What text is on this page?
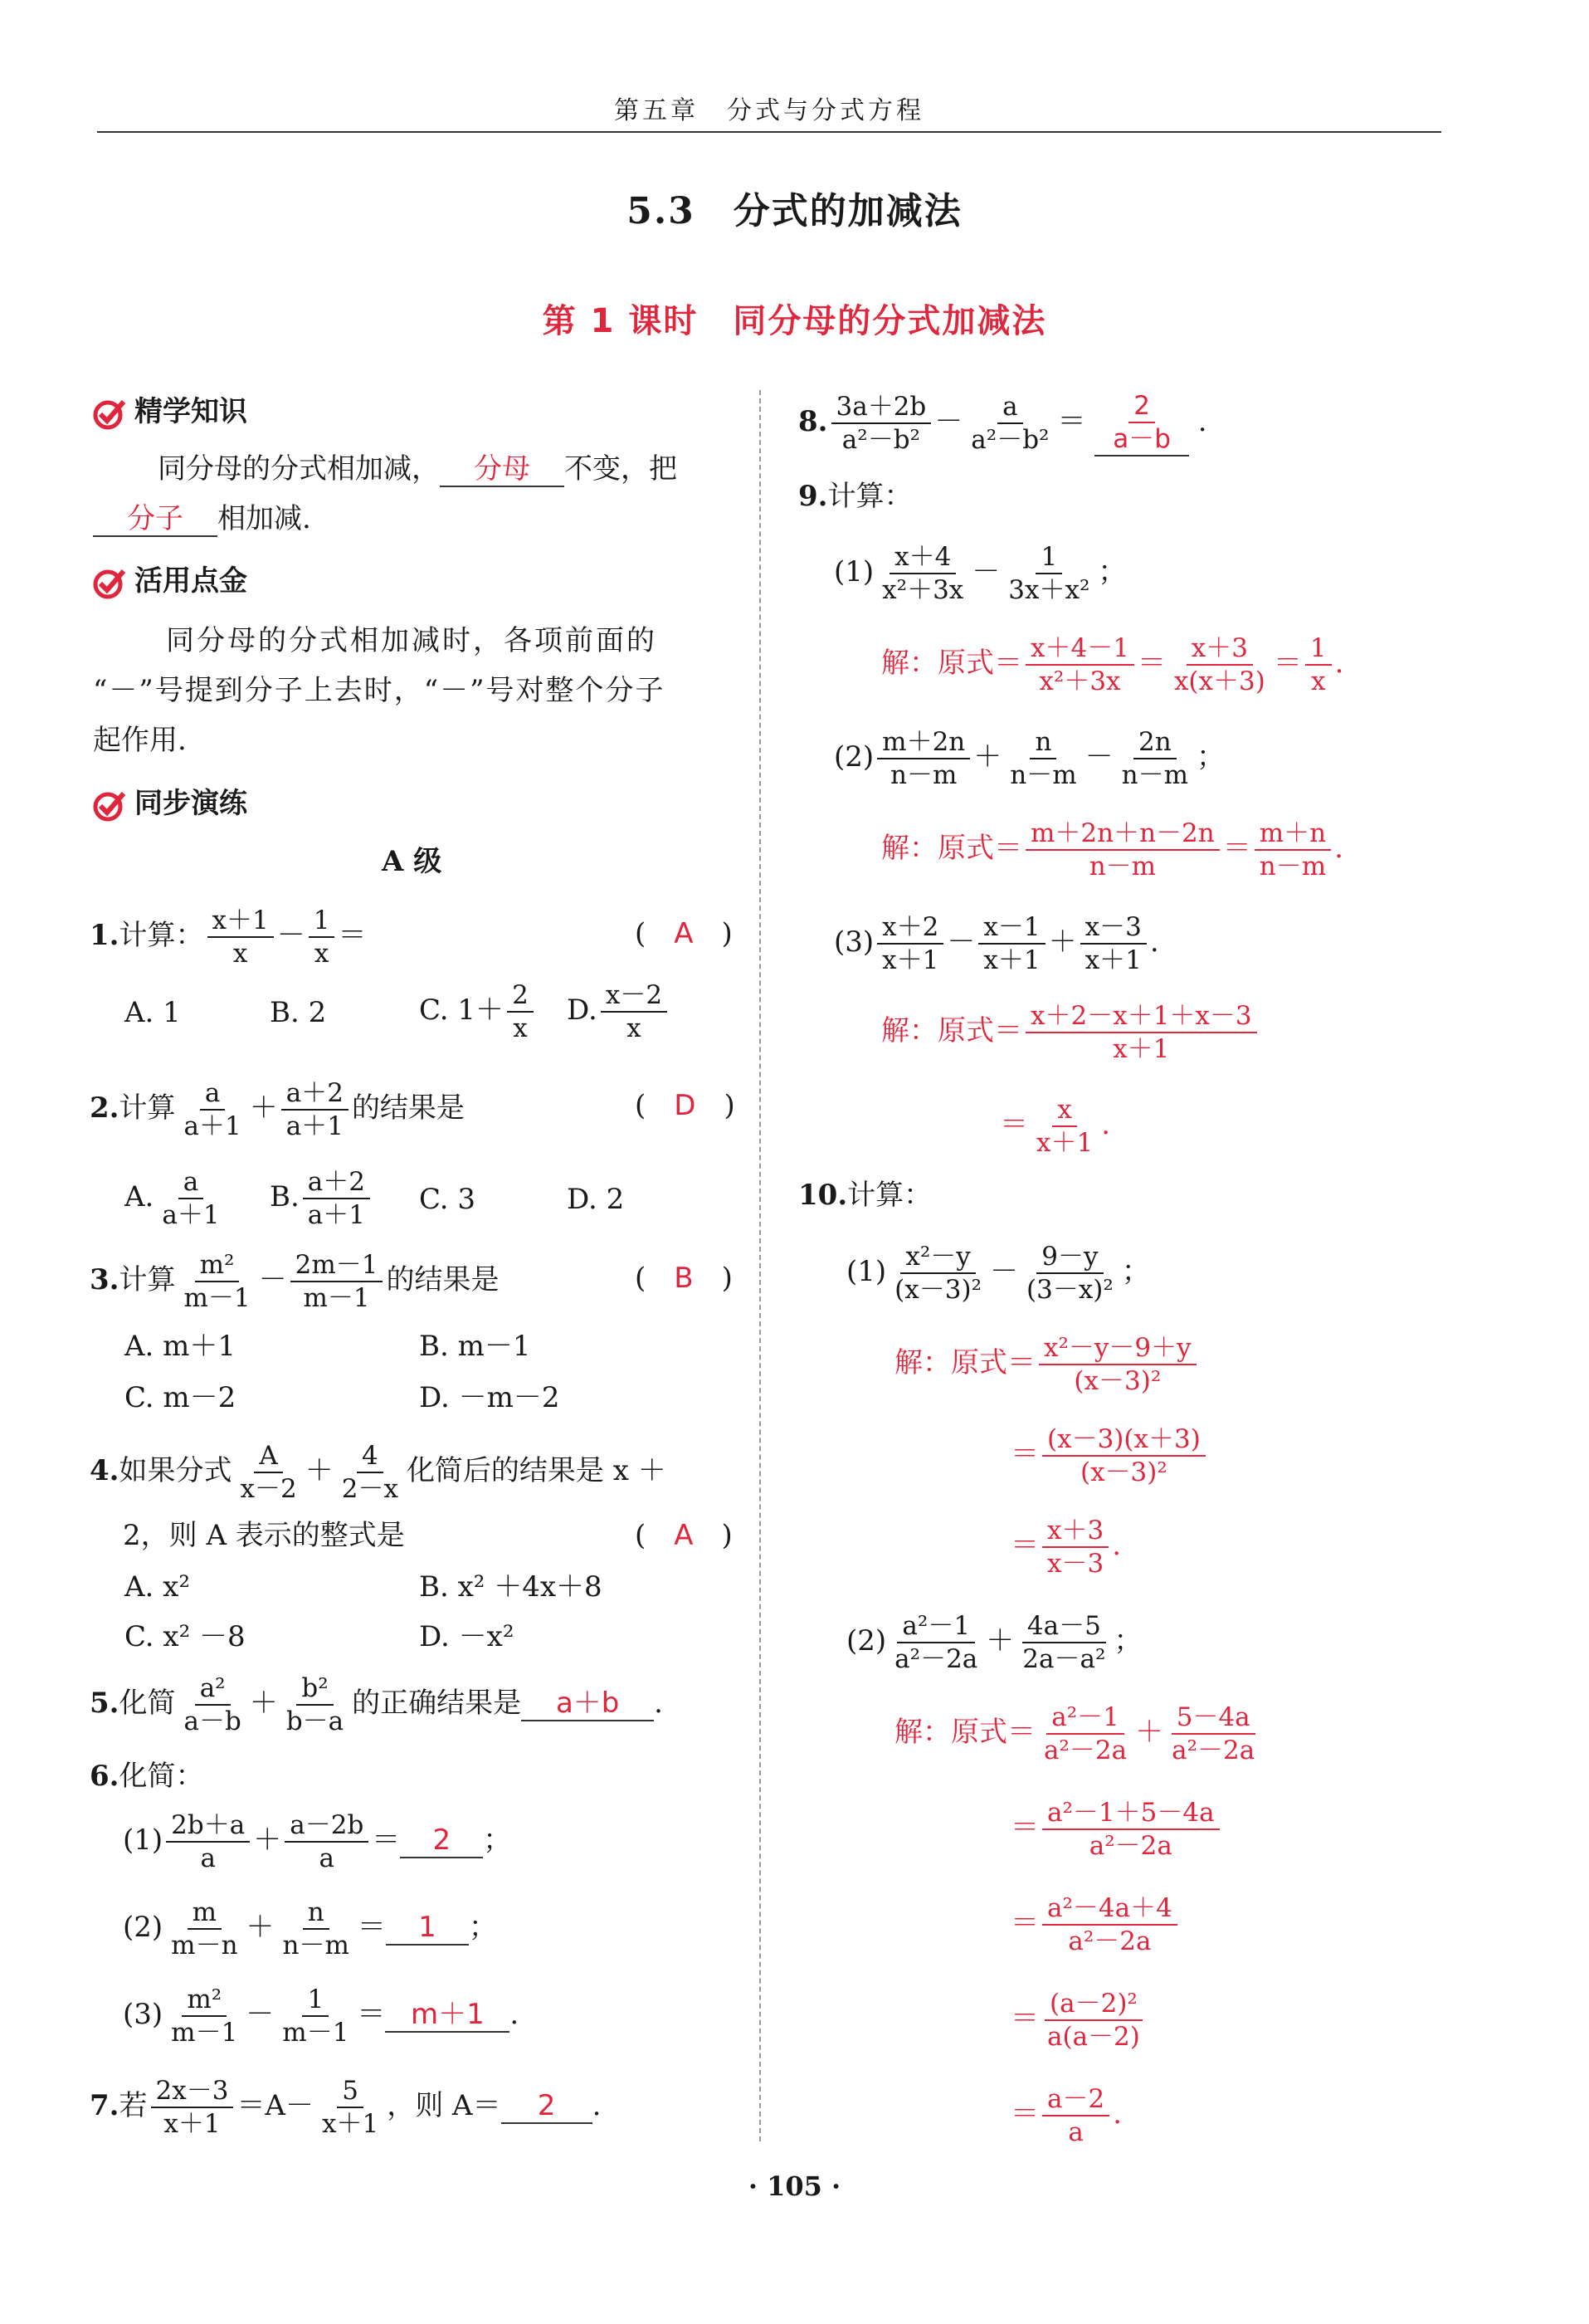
第五章　分式与分式方程
5.3　分式的加减法
第 1 课时　同分母的分式加减法
精学知识
同分母的分式相加减， 分母 不变，把
分子 相加减.
活用点金
同分母的分式相加减时，各项前面的
“－”号提到分子上去时，“－”号对整个分子
起作用.
同步演练
A 级
1.计算： $\frac{x+1}{x} - \frac{1}{x}$ ＝	(　A　)
A. 1	B. 2	C. $1+ \frac{2}{x} D$. $\frac{x-2}{x}$
2.计算 $\frac{a}{a+1} + \frac{a+2}{a+1}$ 的结果是	(　D　)
A. $\frac{a}{a+1} B$. $\frac{a+2}{a+1} C$. 3	D. 2
3.计算 $\frac{\text{m²}}{m-1} - \frac{2m-1}{m-1}$ 的结果是	(　B　)
A. m＋1	B. m－1
C. m－2	D. －m－2
4.如果分式 $\frac{A}{x-2} + \frac{4}{2-x}$ 化简后的结果是 x ＋
2，则 A 表示的整式是	(　A　)
A. x²	B. x² ＋4x＋8
C. x² －8	D. －x²
5.化简 $\frac{\text{a²}}{a-b} + \frac{\text{b²}}{b-a}$ 的正确结果是 a＋b .
6.化简：
$(1) \frac{2b+a}{a} + \frac{a-2b}{a} = 2$ ；
$(2) \frac{m}{m-n} + \frac{n}{n-m} = 1$ ；
$(3) \frac{\text{m²}}{m-1} - \frac{1}{m-1} = m+1$ .
7.若 $\frac{2x-3}{x+1} =A- \frac{5}{x+1}$ ，则 A＝ 2 .
8. $\frac{3a+2b}{\text{a²－b²}} - \frac{a}{\text{a²－b²}} = \frac{2}{a-b}$ .
9.计算：
$(1) \frac{x+4}{\text{x²＋3x}} - \frac{1}{\text{3x＋x²}}$ ；
解：原式＝ $\frac{x+4-1}{\text{x²＋3x}} = \frac{x+3}{x(x+3)} = \frac{1}{x}$ .
$(2) \frac{m+2n}{n-m} + \frac{n}{n-m} - \frac{2n}{n-m}$ ；
解：原式＝ $\frac{m+2n+n-2n}{n-m} = \frac{m+n}{n-m}$ .
$(3) \frac{x+2}{x+1} - \frac{x-1}{x+1} + \frac{x-3}{x+1}$ .
解：原式＝ $\frac{x+2-x+1+x-3}{x+1}$
＝ $\frac{x}{x+1}$ .
10.计算：
$(1) \frac{\text{x²－y}}{\text{(x－3)²}} - \frac{9-y}{\text{(3－x)²}}$ ；
解：原式＝ $\frac{\text{x²－y－9＋y}}{\text{(x－3)²}}$
＝ $\frac{(x-3)(x+3)}{\text{(x－3)²}}$
＝ $\frac{x+3}{x-3}$ .
$(2) \frac{\text{a²－1}}{\text{a²－2a}} + \frac{4a-5}{\text{2a－a²}}$ ；
解：原式＝ $\frac{\text{a²－1}}{\text{a²－2a}} + \frac{5-4a}{\text{a²－2a}}$
＝ $\frac{\text{a²－1＋5－4a}}{\text{a²－2a}}$
＝ $\frac{\text{a²－4a＋4}}{\text{a²－2a}}$
＝ $\frac{\text{(a－2)²}}{a(a-2)}$
＝ $\frac{a-2}{a}$ .
· 105 ·
